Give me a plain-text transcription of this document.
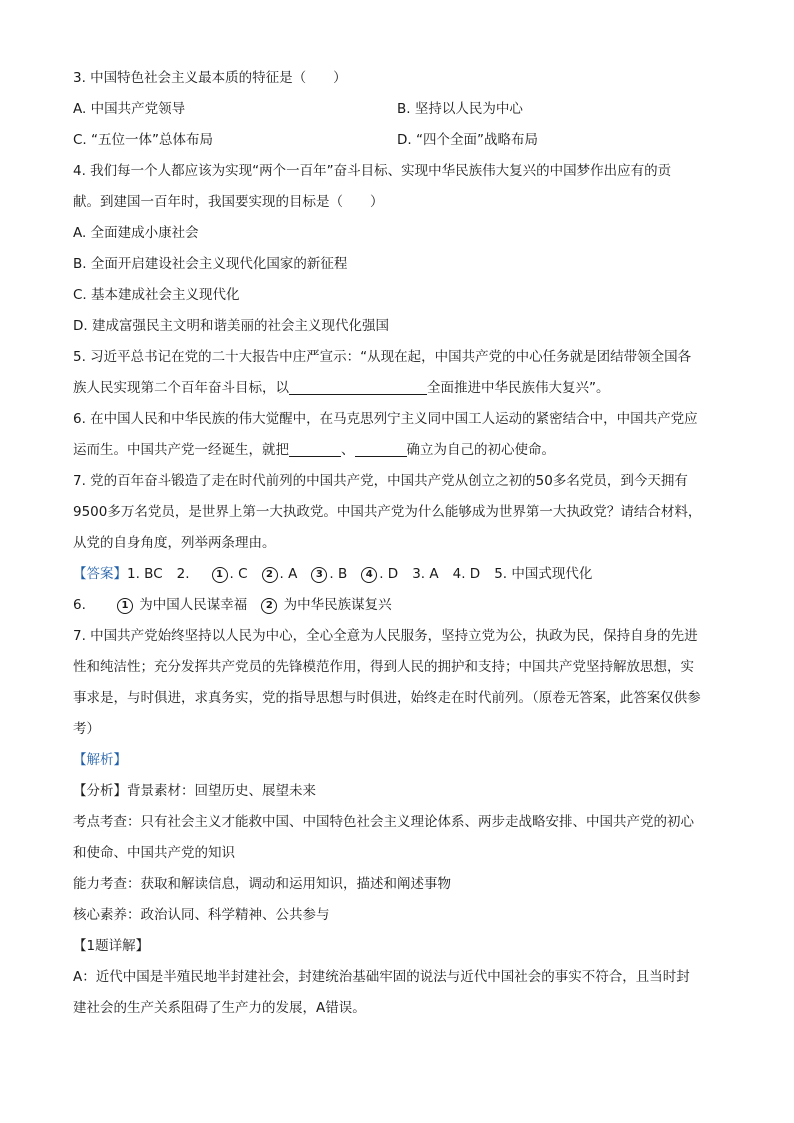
3. 中国特色社会主义最本质的特征是（　　）
A. 中国共产党领导	B. 坚持以人民为中心
C. “五位一体”总体布局	D. “四个全面”战略布局
4. 我们每一个人都应该为实现“两个一百年”奋斗目标、实现中华民族伟大复兴的中国梦作出应有的贡
献。到建国一百年时，我国要实现的目标是（　　）
A. 全面建成小康社会
B. 全面开启建设社会主义现代化国家的新征程
C. 基本建成社会主义现代化
D. 建成富强民主文明和谐美丽的社会主义现代化强国
5. 习近平总书记在党的二十大报告中庄严宣示：“从现在起，中国共产党的中心任务就是团结带领全国各
族人民实现第二个百年奋斗目标，以	全面推进中华民族伟大复兴”。
6. 在中国人民和中华民族的伟大觉醒中，在马克思列宁主义同中国工人运动的紧密结合中，中国共产党应
运而生。中国共产党一经诞生，就把	、	确立为自己的初心使命。
7. 党的百年奋斗锻造了走在时代前列的中国共产党，中国共产党从创立之初的50多名党员，到今天拥有
9500多万名党员，是世界上第一大执政党。中国共产党为什么能够成为世界第一大执政党？请结合材料，
从党的自身角度，列举两条理由。
【答案】1. BC 2.	1 . C 2 . A 3 . B 4 . D 3. A 4. D 5. 中国式现代化
6.	1 为中国人民谋幸福 2 为中华民族谋复兴
7. 中国共产党始终坚持以人民为中心，全心全意为人民服务，坚持立党为公，执政为民，保持自身的先进
性和纯洁性；充分发挥共产党员的先锋模范作用，得到人民的拥护和支持；中国共产党坚持解放思想，实
事求是，与时俱进，求真务实，党的指导思想与时俱进，始终走在时代前列。（原卷无答案，此答案仅供参
考）
【解析】
【分析】背景素材：回望历史、展望未来
考点考查：只有社会主义才能救中国、中国特色社会主义理论体系、两步走战略安排、中国共产党的初心
和使命、中国共产党的知识
能力考查：获取和解读信息，调动和运用知识，描述和阐述事物
核心素养：政治认同、科学精神、公共参与
【1题详解】
A：近代中国是半殖民地半封建社会，封建统治基础牢固的说法与近代中国社会的事实不符合，且当时封
建社会的生产关系阻碍了生产力的发展，A错误。
